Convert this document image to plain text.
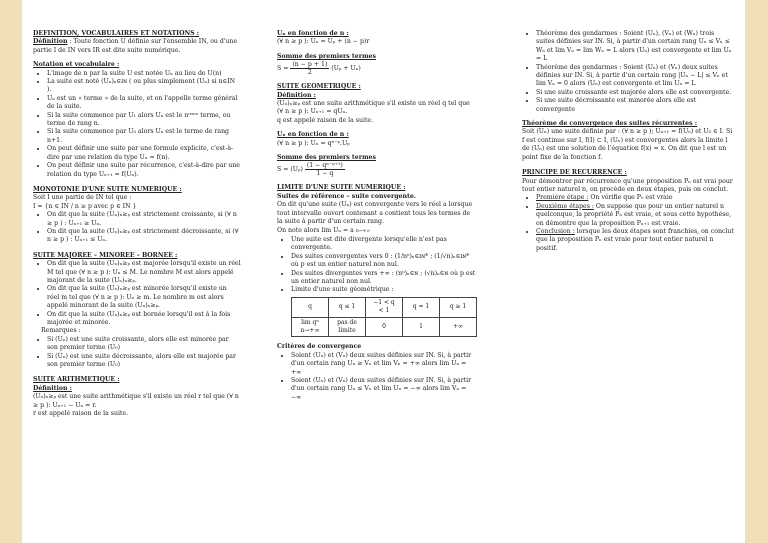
DEFINITION, VOCABULAIRES ET NOTATIONS :

Définition : Toute fonction U définie sur l'ensemble IN, ou d'une partie I de IN vers IR est dite suite numérique.

Notation et vocabulaire :
• L'image de n par la suite U est notée Uₙ au lieu de U(n)
• La suite est noté (Uₙ)ₙ∈ɪɴ ( ou plus simplement (Uₙ) si n∈IN ).
• Uₙ est un « terme » de la suite, et on l'appelle terme général de la suite.
• Si la suite commence par U₁ alors Uₙ est le nᶦᵉᵐᵉ terme, ou terme de rang n.
• Si la suite commence par U₀ alors Uₙ est le terme de rang n+1.
• On peut définir une suite par une formule explicite, c'est-à-dire par une relation du type Uₙ = f(n).
• On peut définir une suite par récurrence, c'est-à-dire par une relation du type Uₙ₊₁ = f(Uₙ).
MONOTONIE D'UNE SUITE NUMERIQUE :

Soit I une partie de IN tel que :

I = {n ∈ IN / n ≥ p avec p ∈ IN }

• On dit que la suite (Uₙ)ₙ≥ₚ est strictement croissante, si (∀ n ≥ p ) : Uₙ₊₁ ≥ Uₙ.
• On dit que la suite (Uₙ)ₙ≥ₚ est strictement décroissante, si (∀ n ≥ p ) : Uₙ₊₁ ≤ Uₙ.
SUITE MAJOREE – MINOREE – BORNEE :
• On dit que la suite (Uₙ)ₙ≥ₚ est majorée lorsqu'il existe un réel M tel que (∀ n ≥ p ): Uₙ ≤ M. Le nombre M est alors appelé majorant de la suite (Uₙ)ₙ≥ₚ.
• On dit que la suite (Uₙ)ₙ≥ₚ est minorée lorsqu'il existe un réel m tel que (∀ n ≥ p ): Uₙ ≥ m. Le nombre m est alors appelé minorant de la suite (Uₙ)ₙ≥ₚ.
• On dit que la suite (Uₙ)ₙ≥ₚ est bornée lorsqu'il est à la fois majorée et minorée.

Remarques :

• Si (Uₙ) est une suite croissante, alors elle est minorée par son premier terme (U₀)
• Si (Uₙ) est une suite décroissante, alors elle est majorée par son premier terme (U₀)
SUITE ARITHMETIQUE :
Définition :

(Uₙ)ₙ≥ₚ est une suite arithmétique s'il existe un réel r tel que (∀ n ≥ p ): Uₙ₊₁ − Uₙ = r.

r est appelé raison de la suite.

Uₙ en fonction de n :

(∀ n ≥ p ): Uₙ = Uₚ + (n − p)r

Somme des premiers termes

$S = \frac{(n - p + 1)}{2} (U_p + U_n)$

SUITE GEOMETRIQUE :
Définition :

(Uₙ)ₙ≥ₚ est une suite arithmétique s'il existe un réel q tel que (∀ n ≥ p ): Uₙ₊₁ = qUₙ.

q est appelé raison de la suite.

Uₙ en fonction de n :

(∀ n ≥ p ): Uₙ = qⁿ⁻ᵖ.Uₚ

Somme des premiers termes

$S = (U_p) \frac{\text{(1 − qⁿ⁻ᵖ⁺¹)}}{1 - q}$

LIMITE D'UNE SUITE NUMERIQUE :
Suites de référence – suite convergente.

On dit qu'une suite (Uₙ) est convergente vers le réel a lorsque tout intervalle ouvert contenant a contient tous les termes de la suite à partir d'un certain rang.

On note alors lim Uₙ = a n→+∞

• Une suite est dite divergente lorsqu'elle n'est pas convergente.
• Des suites convergentes vers 0 : (1/nᵖ)ₙ∈ɪɴ* ; (1/√n)ₙ∈ɪɴ* où p est un entier naturel non nul.
• Des suites divergentes vers +∞ : (nᵖ)ₙ∈ɴ ; (√n)ₙ∈ɴ où p est un entier naturel non nul.
• Limite d'une suite géométrique :
q	q ≤ 1	−1 < q < 1	q = 1	q ≥ 1
lim qⁿ n→+∞	pas de limite	0	1	+∞
Critères de convergence
• Soient (Uₙ) et (Vₙ) deux suites définies sur IN. Si, à partir d'un certain rang Uₙ ≥ Vₙ et lim Vₙ = +∞ alors lim Uₙ = +∞
• Soient (Uₙ) et (Vₙ) deux suites définies sur IN. Si, à partir d'un certain rang Uₙ ≤ Vₙ et lim Uₙ = −∞ alors lim Vₙ = −∞
• Théorème des gendarmes : Soient (Uₙ), (Vₙ) et (Wₙ) trois suites définies sur IN. Si, à partir d'un certain rang Uₙ ≤ Vₙ ≤ Wₙ et lim Vₙ = lim Wₙ = L alors (Uₙ) est convergente et lim Uₙ = L
• Théorème des gendarmes : Soient (Uₙ) et (Vₙ) deux suites définies sur IN. Si, à partir d'un certain rang |Uₙ − L| ≤ Vₙ et lim Vₙ = 0 alors (Uₙ) est convergente et lim Uₙ = L
• Si une suite croissante est majorée alors elle est convergente.
• Si une suite décroissante est minorée alors elle est convergente
Théorème de convergence des suites récurrentes :

Soit (Uₙ) une suite définie par : (∀ n ≥ p ); Uₙ₊₁ = f(Uₙ) et U₀ ∈ I. Si f est continue sur I, f(I) ⊂ I, (Uₙ) est convergentes alors la limite l de (Uₙ) est une solution de l'équation f(x) = x. On dit que l est un point fixe de la fonction f.

PRINCIPE DE RECURRENCE :

Pour démontrer par récurrence qu'une proposition Pₙ est vrai pour tout entier naturel n, on procède en deux étapes, puis on conclut.

• Première étape : On vérifie que P₀ est vraie
• Deuxième étapes : On suppose que pour un entier naturel n quelconque, la propriété Pₙ est vraie, et sous cette hypothèse, on démontre que la proposition Pₙ₊₁ est vraie.
• Conclusion : lorsque les deux étapes sont franchies, on conclut que la proposition Pₙ est vraie pour tout entier naturel n positif.
